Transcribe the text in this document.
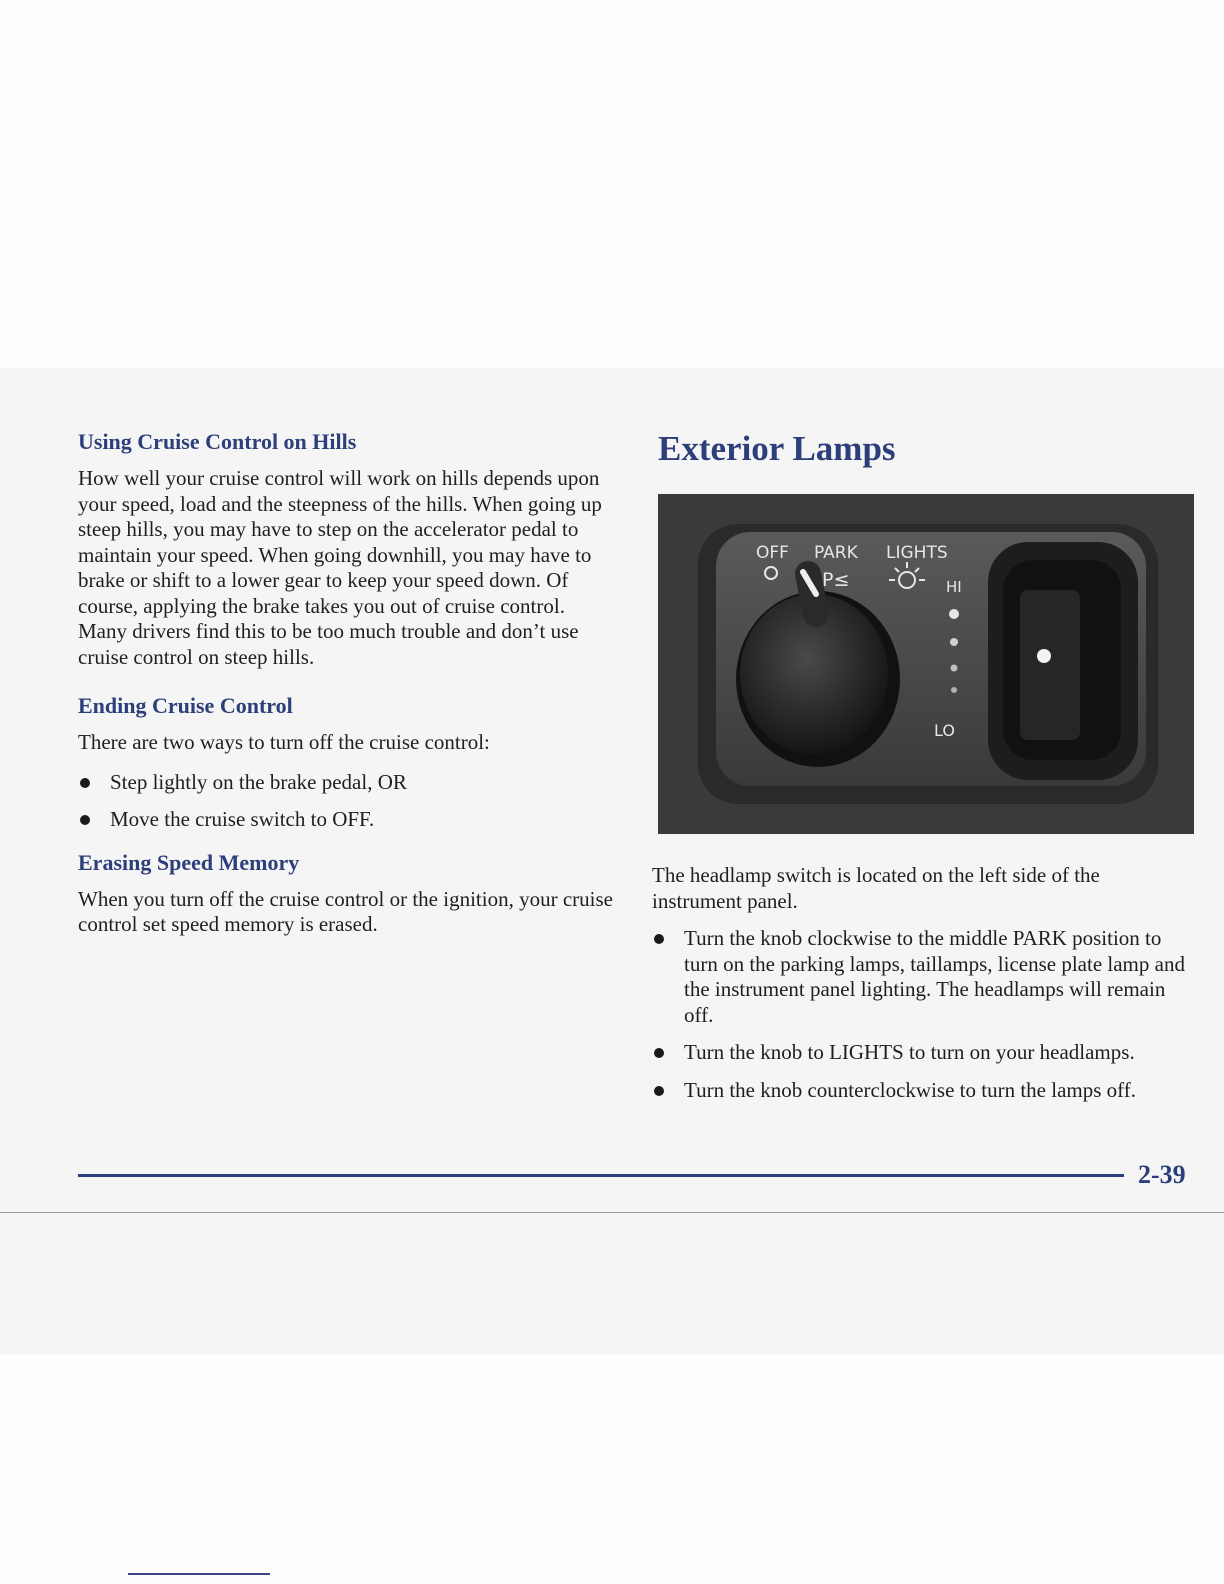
Using Cruise Control on Hills

How well your cruise control will work on hills depends upon your speed, load and the steepness of the hills. When going up steep hills, you may have to step on the accelerator pedal to maintain your speed. When going downhill, you may have to brake or shift to a lower gear to keep your speed down. Of course, applying the brake takes you out of cruise control. Many drivers find this to be too much trouble and don’t use cruise control on steep hills.

Ending Cruise Control

There are two ways to turn off the cruise control:

Step lightly on the brake pedal, OR
Move the cruise switch to OFF.
Erasing Speed Memory

When you turn off the cruise control or the ignition, your cruise control set speed memory is erased.

Exterior Lamps
OFF PARK LIGHTS
P≤	HI
LO

The headlamp switch is located on the left side of the instrument panel.

Turn the knob clockwise to the middle PARK position to turn on the parking lamps, taillamps, license plate lamp and the instrument panel lighting. The headlamps will remain off.
Turn the knob to LIGHTS to turn on your headlamps.
Turn the knob counterclockwise to turn the lamps off.
2-39
